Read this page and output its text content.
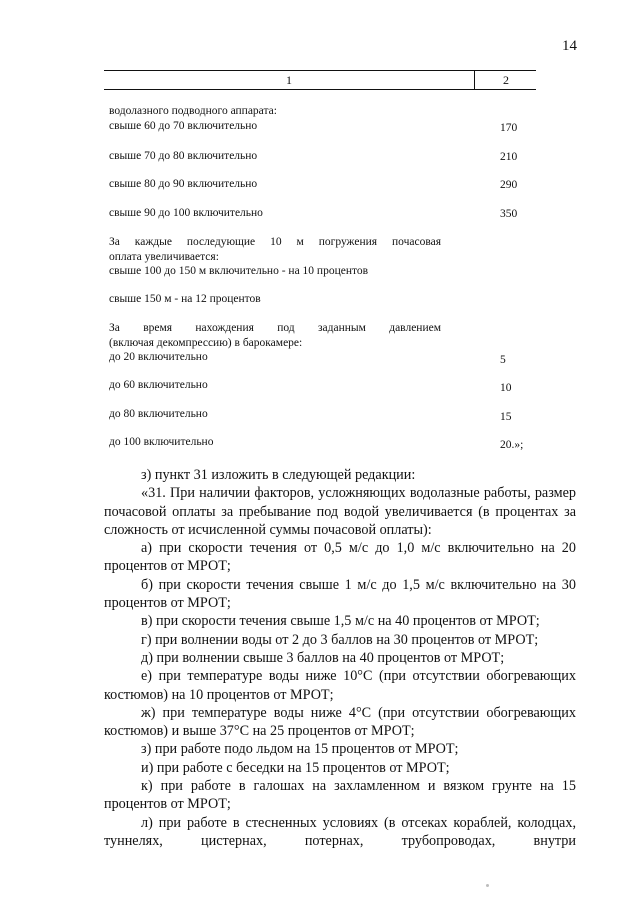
14
1	2
водолазного подводного аппарата:
свыше 60 до 70 включительно	170
свыше 70 до 80 включительно	210
свыше 80 до 90 включительно	290
свыше 90 до 100 включительно	350
За каждые последующие 10 м погружения почасовая
оплата увеличивается:
свыше 100 до 150 м включительно - на 10 процентов
свыше 150 м - на 12 процентов
За время нахождения под заданным давлением
(включая декомпрессию) в барокамере:
до 20 включительно	5
до 60 включительно	10
до 80 включительно	15
до 100 включительно	20.»;

з) пункт 31 изложить в следующей редакции:

«31. При наличии факторов, усложняющих водолазные работы, размер почасовой оплаты за пребывание под водой увеличивается (в процентах за сложность от исчисленной суммы почасовой оплаты):

а) при скорости течения от 0,5 м/с до 1,0 м/с включительно на 20 процентов от МРОТ;

б) при скорости течения свыше 1 м/с до 1,5 м/с включительно на 30 процентов от МРОТ;

в) при скорости течения свыше 1,5 м/с на 40 процентов от МРОТ;

г) при волнении воды от 2 до 3 баллов на 30 процентов от МРОТ;

д) при волнении свыше 3 баллов на 40 процентов от МРОТ;

е) при температуре воды ниже 10°С (при отсутствии обогревающих костюмов) на 10 процентов от МРОТ;

ж) при температуре воды ниже 4°С (при отсутствии обогревающих костюмов) и выше 37°С на 25 процентов от МРОТ;

з) при работе подо льдом на 15 процентов от МРОТ;

и) при работе с беседки на 15 процентов от МРОТ;

к) при работе в галошах на захламленном и вязком грунте на 15 процентов от МРОТ;

л) при работе в стесненных условиях (в отсеках кораблей, колодцах, туннелях, цистернах, потернах, трубопроводах, внутри
